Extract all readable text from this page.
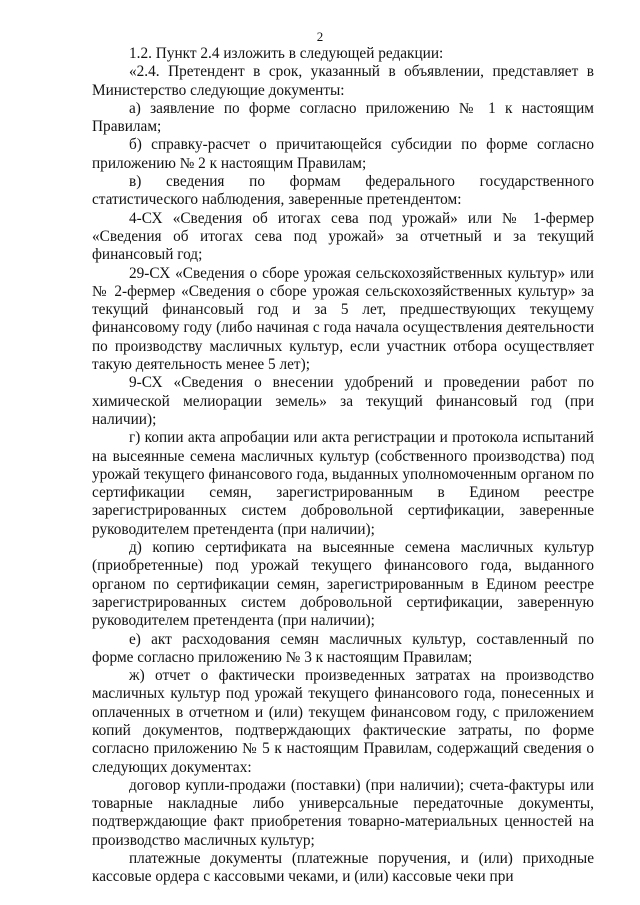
2

1.2. Пункт 2.4 изложить в следующей редакции:

«2.4. Претендент в срок, указанный в объявлении, представляет в Министерство следующие документы:

а) заявление по форме согласно приложению № 1 к настоящим Правилам;

б) справку-расчет о причитающейся субсидии по форме согласно приложению № 2 к настоящим Правилам;

в) сведения по формам федерального государственного статистического наблюдения, заверенные претендентом:

4-СХ «Сведения об итогах сева под урожай» или № 1-фермер «Сведения об итогах сева под урожай» за отчетный и за текущий финансовый год;

29-СХ «Сведения о сборе урожая сельскохозяйственных культур» или № 2-фермер «Сведения о сборе урожая сельскохозяйственных культур» за текущий финансовый год и за 5 лет, предшествующих текущему финансовому году (либо начиная с года начала осуществления деятельности по производству масличных культур, если участник отбора осуществляет такую деятельность менее 5 лет);

9-СХ «Сведения о внесении удобрений и проведении работ по химической мелиорации земель» за текущий финансовый год (при наличии);

г) копии акта апробации или акта регистрации и протокола испытаний на высеянные семена масличных культур (собственного производства) под урожай текущего финансового года, выданных уполномоченным органом по сертификации семян, зарегистрированным в Едином реестре зарегистрированных систем добровольной сертификации, заверенные руководителем претендента (при наличии);

д) копию сертификата на высеянные семена масличных культур (приобретенные) под урожай текущего финансового года, выданного органом по сертификации семян, зарегистрированным в Едином реестре зарегистрированных систем добровольной сертификации, заверенную руководителем претендента (при наличии);

е) акт расходования семян масличных культур, составленный по форме согласно приложению № 3 к настоящим Правилам;

ж) отчет о фактически произведенных затратах на производство масличных культур под урожай текущего финансового года, понесенных и оплаченных в отчетном и (или) текущем финансовом году, с приложением копий документов, подтверждающих фактические затраты, по форме согласно приложению № 5 к настоящим Правилам, содержащий сведения о следующих документах:

договор купли-продажи (поставки) (при наличии); счета-фактуры или товарные накладные либо универсальные передаточные документы, подтверждающие факт приобретения товарно-материальных ценностей на производство масличных культур;

платежные документы (платежные поручения, и (или) приходные кассовые ордера с кассовыми чеками, и (или) кассовые чеки при
